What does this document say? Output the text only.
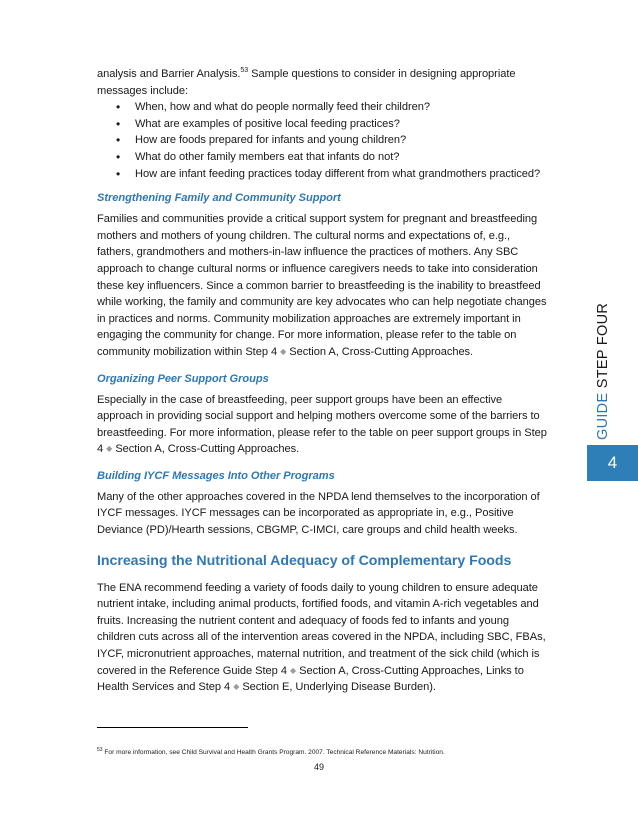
analysis and Barrier Analysis.$^{53}$ Sample questions to consider in designing appropriate messages include:

• When, how and what do people normally feed their children?
• What are examples of positive local feeding practices?
• How are foods prepared for infants and young children?
• What do other family members eat that infants do not?
• How are infant feeding practices today different from what grandmothers practiced?
Strengthening Family and Community Support

Families and communities provide a critical support system for pregnant and breastfeeding mothers and mothers of young children. The cultural norms and expectations of, e.g., fathers, grandmothers and mothers-in-law influence the practices of mothers. Any SBC approach to change cultural norms or influence caregivers needs to take into consideration these key influencers. Since a common barrier to breastfeeding is the inability to breastfeed while working, the family and community are key advocates who can help negotiate changes in practices and norms. Community mobilization approaches are extremely important in engaging the community for change. For more information, please refer to the table on community mobilization within Step 4 ◆ Section A, Cross-Cutting Approaches.

Organizing Peer Support Groups

Especially in the case of breastfeeding, peer support groups have been an effective approach in providing social support and helping mothers overcome some of the barriers to breastfeeding. For more information, please refer to the table on peer support groups in Step 4 ◆ Section A, Cross-Cutting Approaches.

Building IYCF Messages Into Other Programs

Many of the other approaches covered in the NPDA lend themselves to the incorporation of IYCF messages. IYCF messages can be incorporated as appropriate in, e.g., Positive Deviance (PD)/Hearth sessions, CBGMP, C-IMCI, care groups and child health weeks.

Increasing the Nutritional Adequacy of Complementary Foods

The ENA recommend feeding a variety of foods daily to young children to ensure adequate nutrient intake, including animal products, fortified foods, and vitamin A-rich vegetables and fruits. Increasing the nutrient content and adequacy of foods fed to infants and young children cuts across all of the intervention areas covered in the NPDA, including SBC, FBAs, IYCF, micronutrient approaches, maternal nutrition, and treatment of the sick child (which is covered in the Reference Guide Step 4 ◆ Section A, Cross-Cutting Approaches, Links to Health Services and Step 4 ◆ Section E, Underlying Disease Burden).

GUIDE STEP FOUR
4
$^{53}$ For more information, see Child Survival and Health Grants Program. 2007. Technical Reference Materials: Nutrition.
49
